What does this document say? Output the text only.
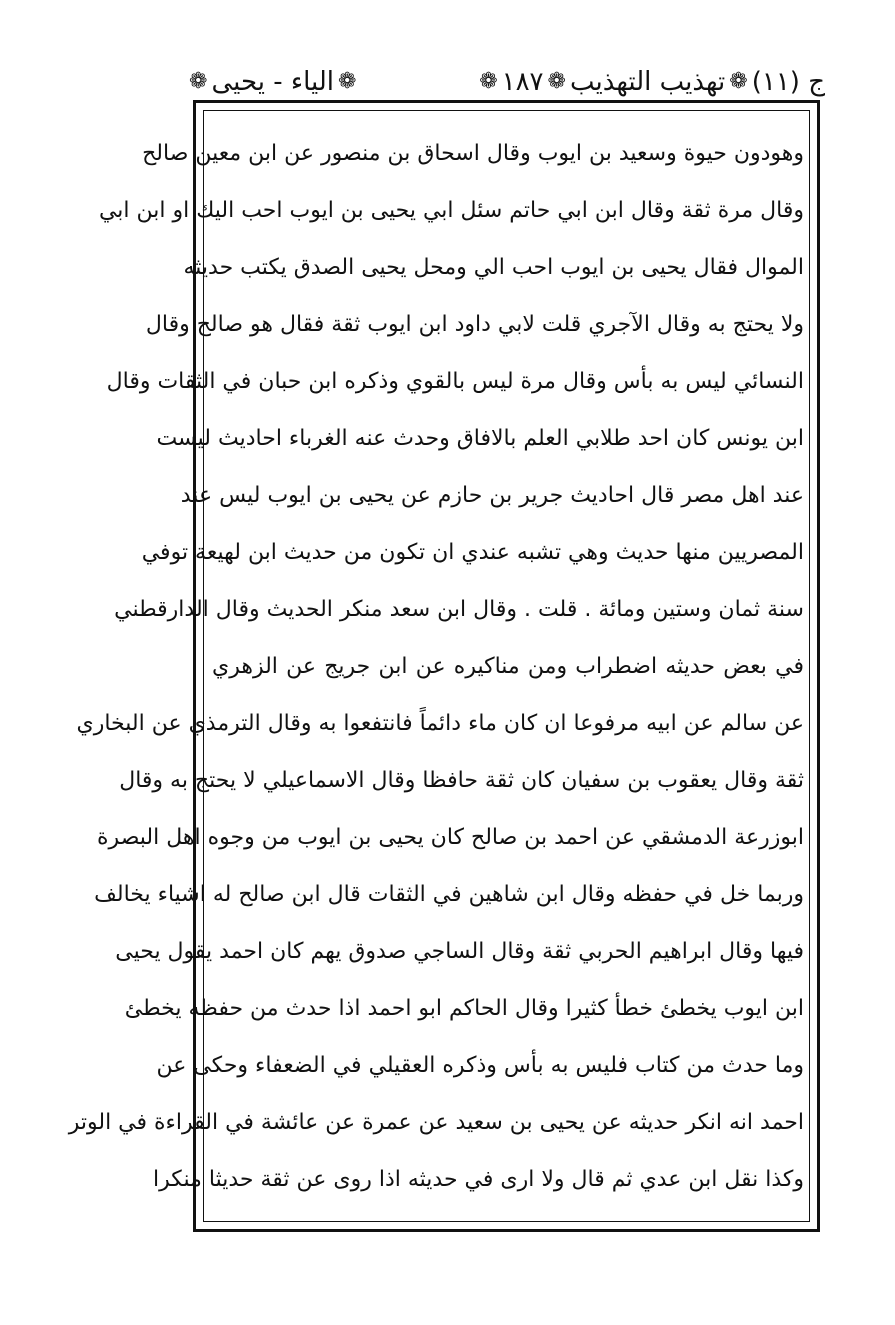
ج (١١)
❁
تهذيب التهذيب
❁
١٨٧
❁
❁
الياء - يحيى
❁
وهودون حيوة وسعيد بن ايوب وقال اسحاق بن منصور عن ابن معين صالح
وقال مرة ثقة وقال ابن ابي حاتم سئل ابي يحيى بن ايوب احب اليك او ابن ابي
الموال فقال يحيى بن ايوب احب الي ومحل يحيى الصدق يكتب حديثه
ولا يحتج به وقال الآجري قلت لابي داود ابن ايوب ثقة فقال هو صالح وقال
النسائي ليس به بأس وقال مرة ليس بالقوي وذكره ابن حبان في الثقات وقال
ابن يونس كان احد طلابي العلم بالافاق وحدث عنه الغرباء احاديث ليست
عند اهل مصر قال احاديث جرير بن حازم عن يحيى بن ايوب ليس عند
المصريين منها حديث وهي تشبه عندي ان تكون من حديث ابن لهيعة توفي
سنة ثمان وستين ومائة . قلت . وقال ابن سعد منكر الحديث وقال الدارقطني
في بعض حديثه اضطراب ومن مناكيره عن ابن جريج عن الزهري
عن سالم عن ابيه مرفوعا ان كان ماء دائماً فانتفعوا به وقال الترمذي عن البخاري
ثقة وقال يعقوب بن سفيان كان ثقة حافظا وقال الاسماعيلي لا يحتج به وقال
ابوزرعة الدمشقي عن احمد بن صالح كان يحيى بن ايوب من وجوه اهل البصرة
وربما خل في حفظه وقال ابن شاهين في الثقات قال ابن صالح له اشياء يخالف
فيها وقال ابراهيم الحربي ثقة وقال الساجي صدوق يهم كان احمد يقول يحيى
ابن ايوب يخطئ خطأ كثيرا وقال الحاكم ابو احمد اذا حدث من حفظه يخطئ
وما حدث من كتاب فليس به بأس وذكره العقيلي في الضعفاء وحكى عن
احمد انه انكر حديثه عن يحيى بن سعيد عن عمرة عن عائشة في القراءة في الوتر
وكذا نقل ابن عدي ثم قال ولا ارى في حديثه اذا روى عن ثقة حديثا منكرا
